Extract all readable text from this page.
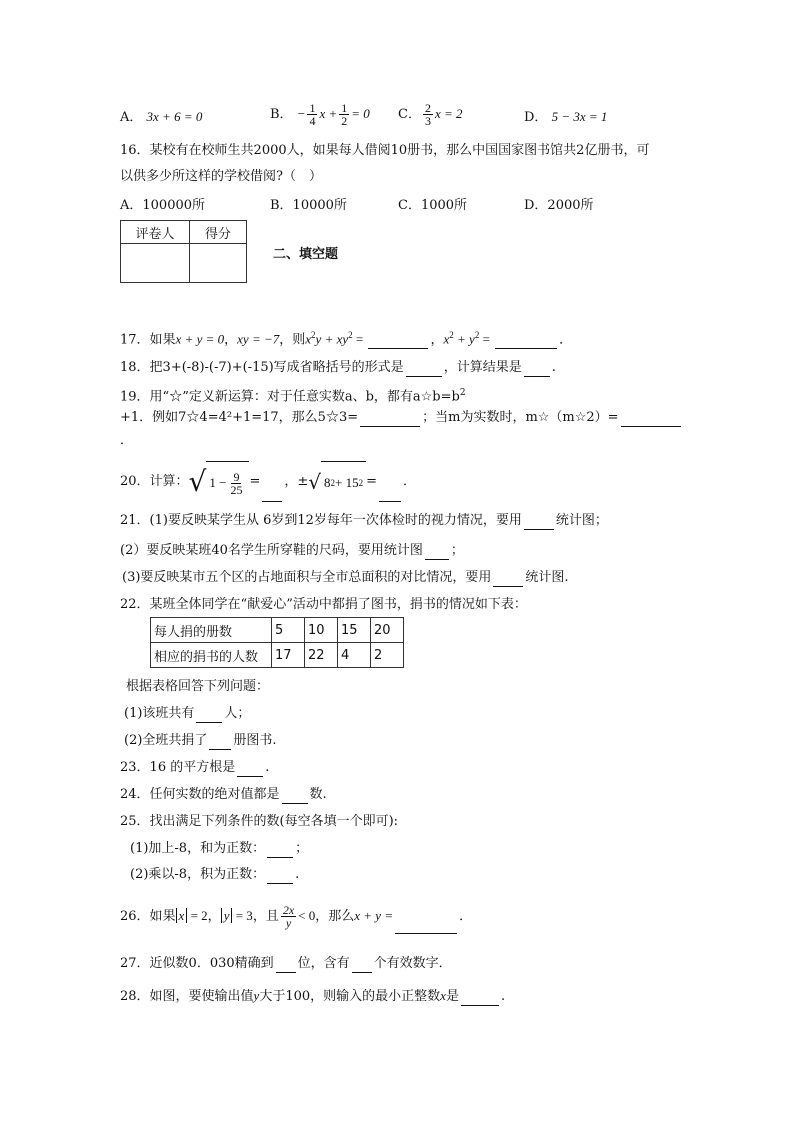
A． 3x + 6 = 0	B． − $\frac{1}{4}$ $x + \frac{1}{2} = 0$ C． $\frac{2}{3}$ x = 2	D． 5 − 3x = 1
16．某校有在校师生共2000人，如果每人借阅10册书，那么中国国家图书馆共2亿册书，可
以供多少所这样的学校借阅?（　）
A．100000所	B．10000所	C．1000所	D．2000所
评卷人	得分

二、填空题
17．如果x + y = 0，xy = −7，则$x^2y + xy^2$ =	，$x^2 + y^2$ =	．
18．把3+(-8)-(-7)+(-15)写成省略括号的形式是	，计算结果是 .
19．用“☆”定义新运算：对于任意实数a、b，都有$a☆b=b^2$
+1．例如7☆4=4²+1=17，那么5☆3=	；当m为实数时，m☆（m☆2）=
．
20．计算： √ $1 - \frac{9}{25}$ = ，± √ 8 2 + 15 2 = ．
21．(1)要反映某学生从 6岁到12岁每年一次体检时的视力情况，要用	统计图；
(2）要反映某班40名学生所穿鞋的尺码，要用统计图 ；
(3)要反映某市五个区的占地面积与全市总面积的对比情况，要用	统计图.
22．某班全体同学在“献爱心”活动中都捐了图书，捐书的情况如下表：
每人捐的册数	5	10	15	20
相应的捐书的人数	17	22	4	2
根据表格回答下列问题：
(1)该班共有 人；
(2)全班共捐了 册图书.
23．16 的平方根是 .
24．任何实数的绝对值都是 数.
25．找出满足下列条件的数(每空各填一个即可):
(1)加上-8，和为正数： ；
(2)乘以-8，积为正数： .
26．如果 x = 2， y = 3，且 $\frac{2x}{y} < 0$，那么x + y =	．
27．近似数0．030精确到 位，含有 个有效数字．
28．如图，要使输出值y大于100，则输入的最小正整数x是	.
